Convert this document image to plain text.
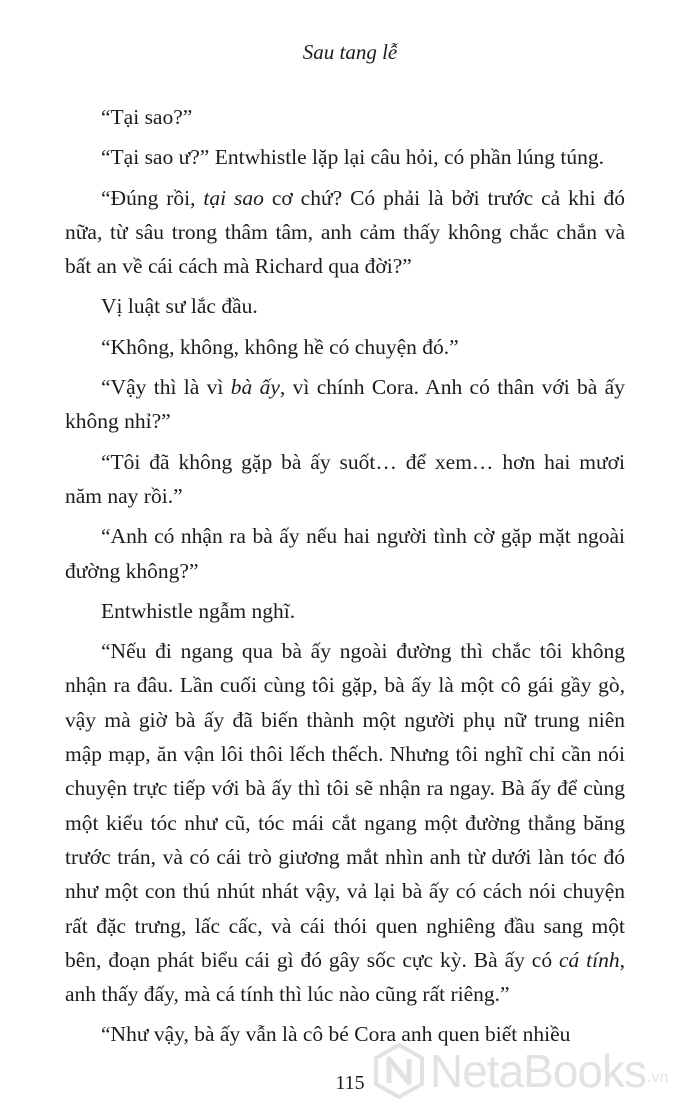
Sau tang lễ

“Tại sao?”

“Tại sao ư?” Entwhistle lặp lại câu hỏi, có phần lúng túng.

“Đúng rồi, tại sao cơ chứ? Có phải là bởi trước cả khi đó nữa, từ sâu trong thâm tâm, anh cảm thấy không chắc chắn và bất an về cái cách mà Richard qua đời?”

Vị luật sư lắc đầu.

“Không, không, không hề có chuyện đó.”

“Vậy thì là vì bà ấy, vì chính Cora. Anh có thân với bà ấy không nhỉ?”

“Tôi đã không gặp bà ấy suốt… để xem… hơn hai mươi năm nay rồi.”

“Anh có nhận ra bà ấy nếu hai người tình cờ gặp mặt ngoài đường không?”

Entwhistle ngẫm nghĩ.

“Nếu đi ngang qua bà ấy ngoài đường thì chắc tôi không nhận ra đâu. Lần cuối cùng tôi gặp, bà ấy là một cô gái gầy gò, vậy mà giờ bà ấy đã biến thành một người phụ nữ trung niên mập mạp, ăn vận lôi thôi lếch thếch. Nhưng tôi nghĩ chỉ cần nói chuyện trực tiếp với bà ấy thì tôi sẽ nhận ra ngay. Bà ấy để cùng một kiểu tóc như cũ, tóc mái cắt ngang một đường thẳng băng trước trán, và có cái trò giương mắt nhìn anh từ dưới làn tóc đó như một con thú nhút nhát vậy, vả lại bà ấy có cách nói chuyện rất đặc trưng, lấc cấc, và cái thói quen nghiêng đầu sang một bên, đoạn phát biểu cái gì đó gây sốc cực kỳ. Bà ấy có cá tính, anh thấy đấy, mà cá tính thì lúc nào cũng rất riêng.”

“Như vậy, bà ấy vẫn là cô bé Cora anh quen biết nhiều

115	NetaBooks .vn
